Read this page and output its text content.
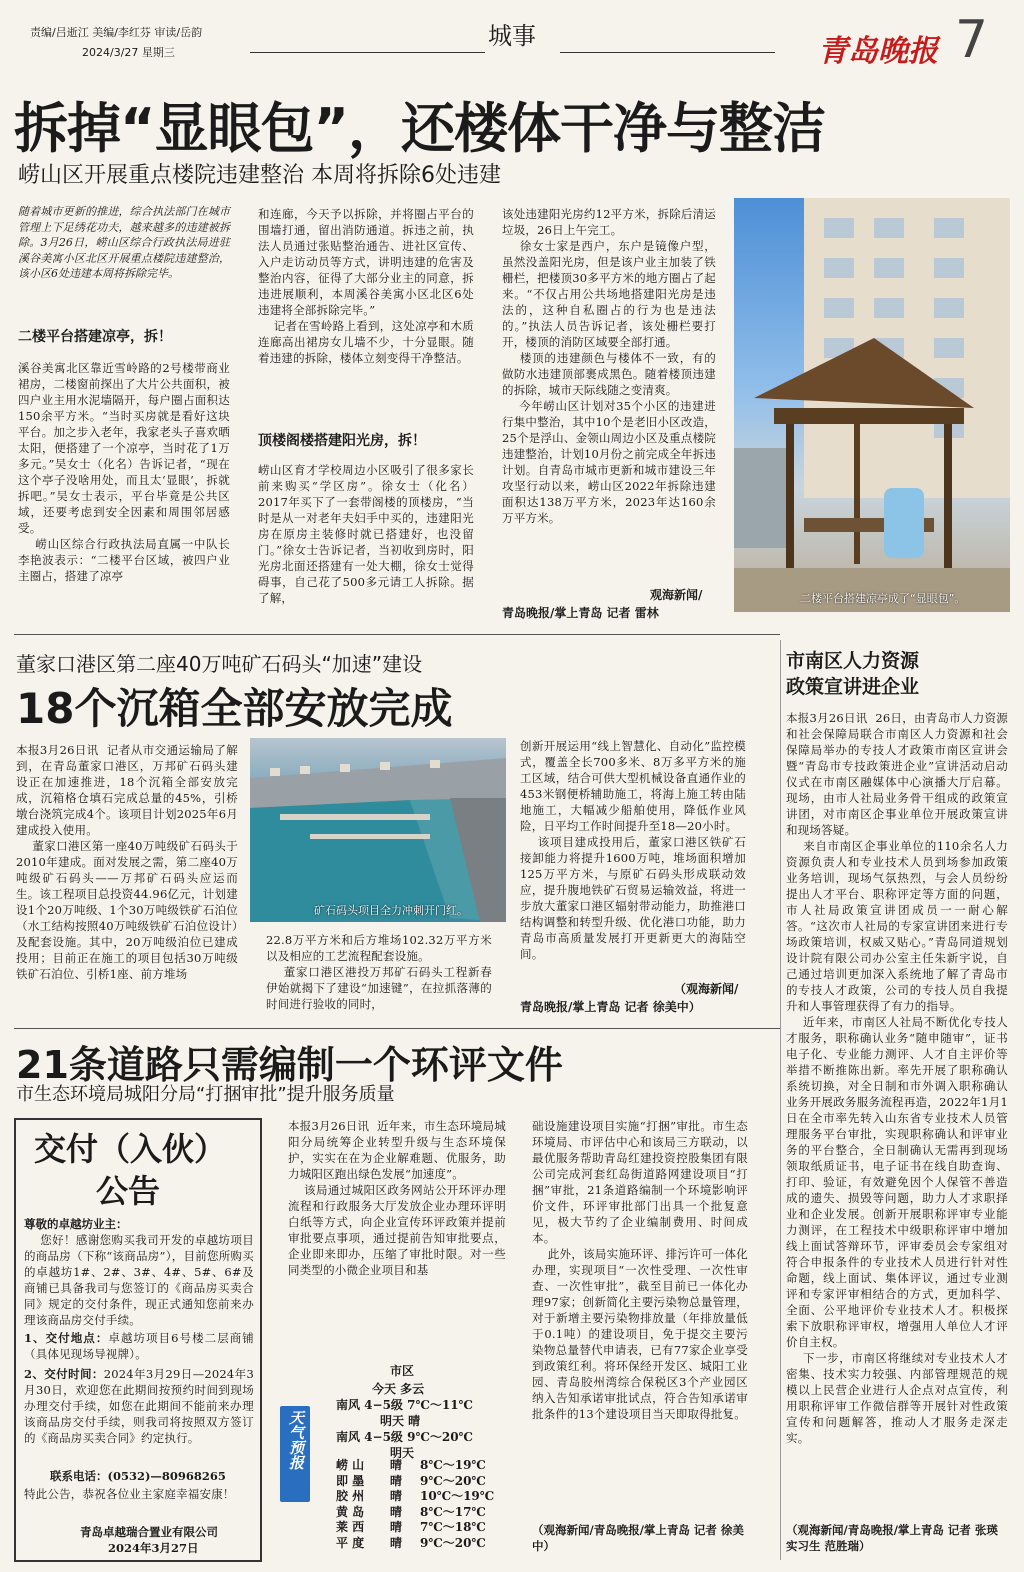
责编/吕逝江 美编/李红芬 审读/岳韵
2024/3/27 星期三
城事	青岛晚报 7
拆掉“显眼包”，还楼体干净与整洁
崂山区开展重点楼院违建整治 本周将拆除6处违建
随着城市更新的推进，综合执法部门在城市管理上下足绣花功夫，越来越多的违建被拆除。3月26日，崂山区综合行政执法局进驻溪谷美寓小区北区开展重点楼院违建整治，该小区6处违建本周将拆除完毕。
二楼平台搭建凉亭，拆！
溪谷美寓北区靠近雪岭路的2号楼带商业裙房，二楼窗前探出了大片公共面积，被四户业主用水泥墙隔开，每户圈占面积达150余平方米。“当时买房就是看好这块平台。加之步入老年，我家老头子喜欢晒太阳，便搭建了一个凉亭，当时花了1万多元。”吴女士（化名）告诉记者，“现在这个亭子没啥用处，而且太‘显眼’，拆就拆吧。”吴女士表示，平台毕竟是公共区域，还要考虑到安全因素和周围邻居感受。
崂山区综合行政执法局直属一中队长李艳波表示：“二楼平台区域，被四户业主圈占，搭建了凉亭
和连廊，今天予以拆除，并将圈占平台的围墙打通，留出消防通道。拆违之前，执法人员通过张贴整治通告、进社区宣传、入户走访动员等方式，讲明违建的危害及整治内容，征得了大部分业主的同意，拆违进展顺利，本周溪谷美寓小区北区6处违建将全部拆除完毕。”
记者在雪岭路上看到，这处凉亭和木质连廊高出裙房女儿墙不少，十分显眼。随着违建的拆除，楼体立刻变得干净整洁。
顶楼阁楼搭建阳光房，拆！
崂山区育才学校周边小区吸引了很多家长前来购买“学区房”。徐女士（化名）2017年买下了一套带阁楼的顶楼房，“当时是从一对老年夫妇手中买的，违建阳光房在原房主装修时就已搭建好，也没留门。”徐女士告诉记者，当初收到房时，阳光房北面还搭建有一处大棚，徐女士觉得碍事，自己花了500多元请工人拆除。据了解，
该处违建阳光房约12平方米，拆除后清运垃圾，26日上午完工。
徐女士家是西户，东户是镜像户型，虽然没盖阳光房，但是该户业主加装了铁栅栏，把楼顶30多平方米的地方圈占了起来。“不仅占用公共场地搭建阳光房是违法的，这种自私圈占的行为也是违法的。”执法人员告诉记者，该处栅栏要打开，楼顶的消防区域要全部打通。
楼顶的违建颜色与楼体不一致，有的做防水违建顶部裹成黑色。随着楼顶违建的拆除，城市天际线随之变清爽。
今年崂山区计划对35个小区的违建进行集中整治，其中10个是老旧小区改造，25个是浮山、金领山周边小区及重点楼院违建整治，计划10月份之前完成全年拆违计划。自青岛市城市更新和城市建设三年攻坚行动以来，崂山区2022年拆除违建面积达138万平方米，2023年达160余万平方米。
观海新闻/
青岛晚报/掌上青岛 记者 雷林
二楼平台搭建凉亭成了“显眼包”。
董家口港区第二座40万吨矿石码头“加速”建设
18个沉箱全部安放完成
本报3月26日讯  记者从市交通运输局了解到，在青岛董家口港区，万邦矿石码头建设正在加速推进，18个沉箱全部安放完成，沉箱格仓填石完成总量的45%，引桥墩台浇筑完成4个。该项目计划2025年6月建成投入使用。
董家口港区第一座40万吨级矿石码头于2010年建成。面对发展之需，第二座40万吨级矿石码头——万邦矿石码头应运而生。该工程项目总投资44.96亿元，计划建设1个20万吨级、1个30万吨级铁矿石泊位（水工结构按照40万吨级铁矿石泊位设计）及配套设施。其中，20万吨级泊位已建成投用；目前正在施工的项目包括30万吨级铁矿石泊位、引桥1座、前方堆场
矿石码头项目全力冲刺开门红。
22.8万平方米和后方堆场102.32万平方米以及相应的工艺流程配套设施。
董家口港区港投万邦矿石码头工程新春伊始就揭下了建设“加速键”，在拉抓落薄的时间进行验收的同时，
创新开展运用“线上智慧化、自动化”监控模式，覆盖全长700多米、8万多平方米的施工区域，结合可供大型机械设备直通作业的453米钢便桥辅助施工，将海上施工转由陆地施工，大幅减少船舶使用，降低作业风险，日平均工作时间提升至18—20小时。
该项目建成投用后，董家口港区铁矿石接卸能力将提升1600万吨，堆场面积增加125万平方米，与原矿石码头形成联动效应，提升腹地铁矿石贸易运输效益，将进一步放大董家口港区辐射带动能力，助推港口结构调整和转型升级、优化港口功能，助力青岛市高质量发展打开更新更大的海陆空间。
（观海新闻/
青岛晚报/掌上青岛 记者 徐美中）
市南区人力资源
政策宣讲进企业
本报3月26日讯  26日，由青岛市人力资源和社会保障局联合市南区人力资源和社会保障局举办的专技人才政策市南区宣讲会暨“青岛市专技政策进企业”宣讲活动启动仪式在市南区融媒体中心演播大厅启幕。现场，由市人社局业务骨干组成的政策宣讲团，对市南区企事业单位开展政策宣讲和现场答疑。
来自市南区企事业单位的110余名人力资源负责人和专业技术人员到场参加政策业务培训，现场气氛热烈，与会人员纷纷提出人才平台、职称评定等方面的问题，市人社局政策宣讲团成员一一耐心解答。“这次市人社局的专家宣讲团来进行专场政策培训，权威又贴心。”青岛同道规划设计院有限公司办公室主任朱新宇说，自己通过培训更加深入系统地了解了青岛市的专技人才政策，公司的专技人员自我提升和人事管理获得了有力的指导。
近年来，市南区人社局不断优化专技人才服务，职称确认业务“随申随审”，证书电子化、专业能力测评、人才自主评价等举措不断推陈出新。率先开展了职称确认系统切换，对全日制和市外调入职称确认业务开展政务服务流程再造，2022年1月1日在全市率先转入山东省专业技术人员管理服务平台审批，实现职称确认和评审业务的平台整合，全日制确认无需再到现场领取纸质证书，电子证书在线自助查询、打印、验证，有效避免因个人保管不善造成的遗失、损毁等问题，助力人才求职择业和企业发展。创新开展职称评审专业能力测评，在工程技术中级职称评审中增加线上面试答辩环节，评审委员会专家组对符合申报条件的专业技术人员进行针对性命题，线上面试、集体评议，通过专业测评和专家评审相结合的方式，更加科学、全面、公平地评价专业技术人才。积极探索下放职称评审权，增强用人单位人才评价自主权。
下一步，市南区将继续对专业技术人才密集、技术实力较强、内部管理规范的规模以上民营企业进行人企点对点宣传，利用职称评审工作微信群等开展针对性政策宣传和问题解答，推动人才服务走深走实。
（观海新闻/青岛晚报/掌上青岛 记者 张瑛 实习生 范胜瑞）
21条道路只需编制一个环评文件
市生态环境局城阳分局“打捆审批”提升服务质量
本报3月26日讯  近年来，市生态环境局城阳分局统筹企业转型升级与生态环境保护，实实在在为企业解难题、优服务，助力城阳区跑出绿色发展“加速度”。
该局通过城阳区政务网站公开环评办理流程和行政服务大厅发放企业办理环评明白纸等方式，向企业宣传环评政策并提前审批要点事项，通过提前告知审批要点，企业即来即办，压缩了审批时限。对一些同类型的小微企业项目和基
础设施建设项目实施“打捆”审批。市生态环境局、市评估中心和该局三方联动，以最优服务帮助青岛红建投资控股集团有限公司完成河套红岛街道路网建设项目“打捆”审批，21条道路编制一个环境影响评价文件，环评审批部门出具一个批复意见，极大节约了企业编制费用、时间成本。
此外，该局实施环评、排污许可一体化办理，实现项目“一次性受理、一次性审查、一次性审批”，截至目前已一体化办理97家；创新简化主要污染物总量管理，对于新增主要污染物排放量（年排放量低于0.1吨）的建设项目，免于提交主要污染物总量替代申请表，已有77家企业享受到政策红利。将环保经开发区、城阳工业园、青岛胶州湾综合保税区3个产业园区纳入告知承诺审批试点，符合告知承诺审批条件的13个建设项目当天即取得批复。
（观海新闻/青岛晚报/掌上青岛 记者 徐美中）
交付（入伙）
公告
尊敬的卓越坊业主：
您好！感谢您购买我司开发的卓越坊项目的商品房（下称“该商品房”），目前您所购买的卓越坊1#、2#、3#、4#、5#、6#及商铺已具备我司与您签订的《商品房买卖合同》规定的交付条件，现正式通知您前来办理该商品房交付手续。
1、交付地点：卓越坊项目6号楼二层商铺（具体见现场导视牌）。
2、交付时间：2024年3月29日—2024年3月30日，欢迎您在此期间按预约时间到现场办理交付手续，如您在此期间不能前来办理该商品房交付手续，则我司将按照双方签订的《商品房买卖合同》约定执行。
联系电话：(0532)—80968265
特此公告，恭祝各位业主家庭幸福安康！
青岛卓越瑞合置业有限公司
2024年3月27日
天气预报
市区
今天 多云
南风 4−5级 7℃～11℃
明天 晴
南风 4−5级 9℃～20℃
明天
崂 山	晴	8℃～19℃
即 墨	晴	9℃～20℃
胶 州	晴	10℃～19℃
黄 岛	晴	8℃～17℃
莱 西	晴	7℃～18℃
平 度	晴	9℃～20℃
